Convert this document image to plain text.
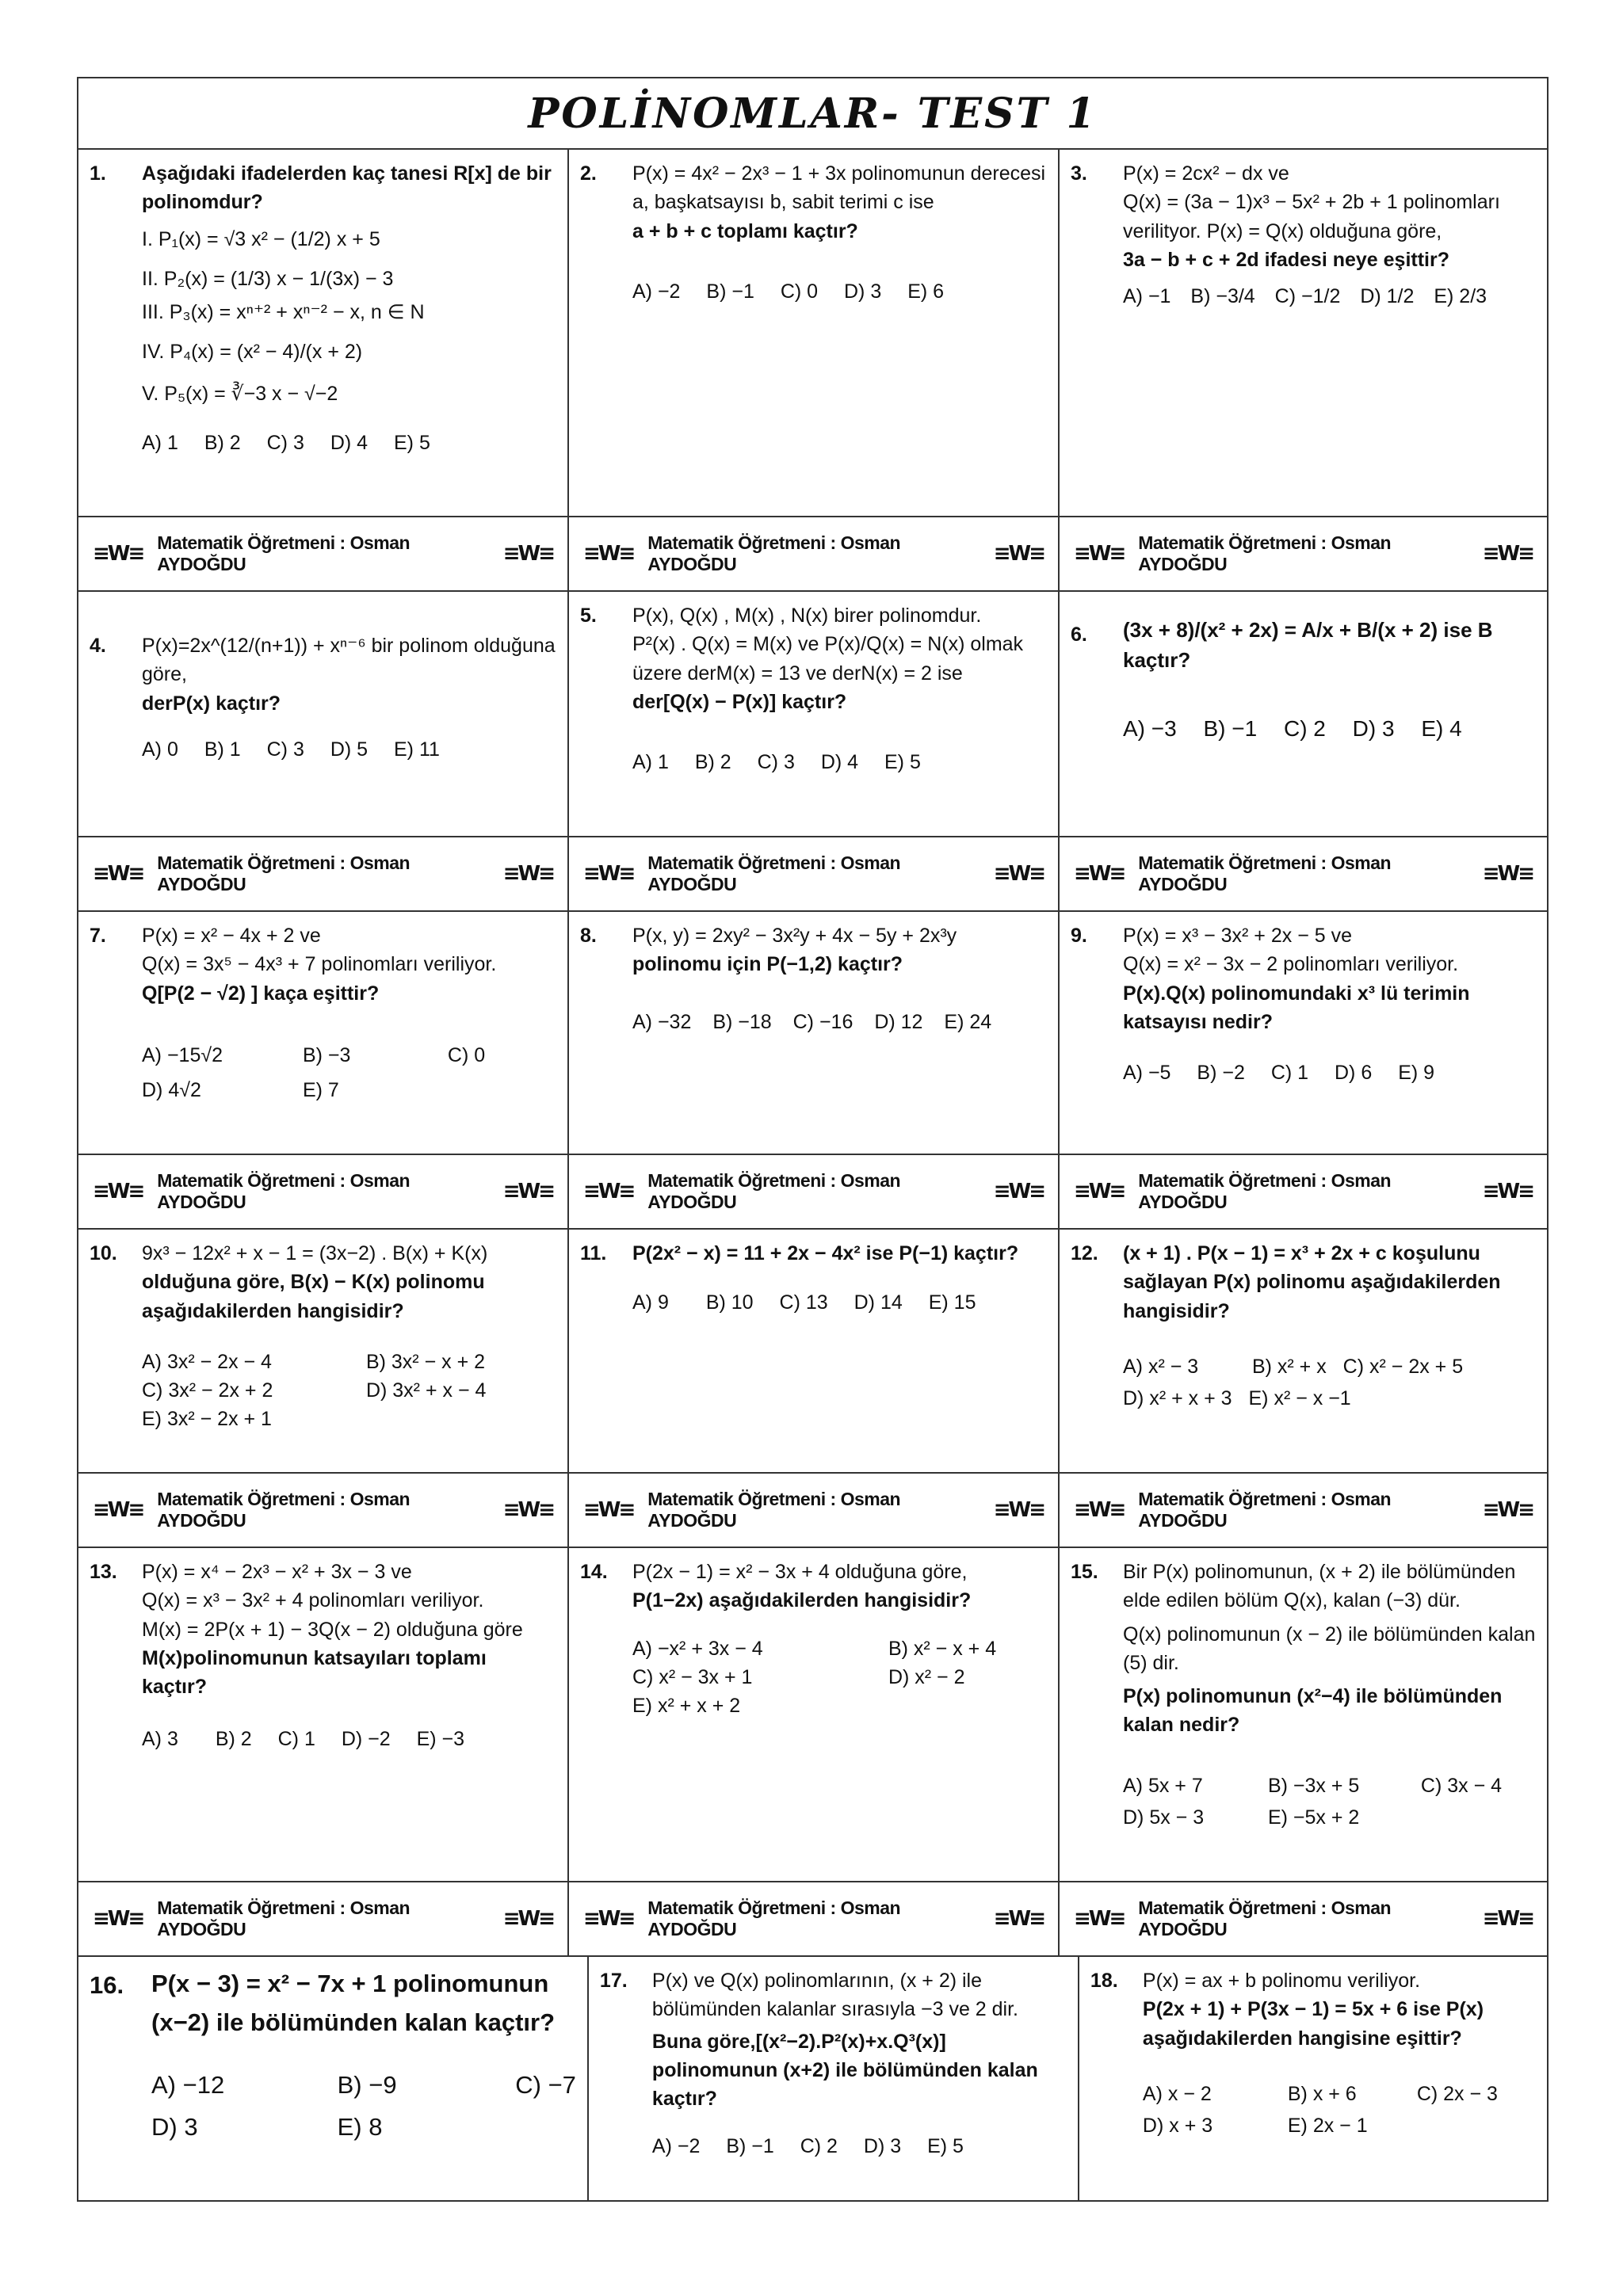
POLİNOMLAR- TEST 1
1. Aşağıdaki ifadelerden kaç tanesi R[x] de bir polinomdur?
I. P₁(x) = √3 x² − (1/2) x + 5
II. P₂(x) = (1/3) x − 1/(3x) − 3
III. P₃(x) = xⁿ⁺² + xⁿ⁻² − x, n ∈ N
IV. P₄(x) = (x² − 4)/(x + 2)
V. P₅(x) = ∛−3 x − √−2
A) 1 B) 2 C) 3 D) 4 E) 5
2. P(x) = 4x² − 2x³ − 1 + 3x polinomunun derecesi a, başkatsayısı b, sabit terimi c ise
a + b + c toplamı kaçtır?
A) −2 B) −1 C) 0 D) 3 E) 6
3. P(x) = 2cx² − dx ve
Q(x) = (3a − 1)x³ − 5x² + 2b + 1 polinomları verilityor. P(x) = Q(x) olduğuna göre,
3a − b + c + 2d ifadesi neye eşittir?
A) −1 B) −3/4 C) −1/2 D) 1/2 E) 2/3
≡W≡ Matematik Öğretmeni : Osman AYDOĞDU	≡W≡ ≡W≡ Matematik Öğretmeni : Osman AYDOĞDU	≡W≡ ≡W≡ Matematik Öğretmeni : Osman AYDOĞDU	≡W≡
4. P(x)=2x^(12/(n+1)) + xⁿ⁻⁶ bir polinom olduğuna göre,
derP(x) kaçtır?
A) 0 B) 1 C) 3 D) 5 E) 11
5. P(x), Q(x) , M(x) , N(x) birer polinomdur.
P²(x) . Q(x) = M(x) ve P(x)/Q(x) = N(x) olmak
üzere derM(x) = 13 ve derN(x) = 2 ise
der[Q(x) − P(x)] kaçtır?
A) 1 B) 2 C) 3 D) 4 E) 5
6. (3x + 8)/(x² + 2x) = A/x + B/(x + 2) ise B kaçtır?
A) −3 B) −1 C) 2 D) 3 E) 4
≡W≡ Matematik Öğretmeni : Osman AYDOĞDU	≡W≡ ≡W≡ Matematik Öğretmeni : Osman AYDOĞDU	≡W≡ ≡W≡ Matematik Öğretmeni : Osman AYDOĞDU	≡W≡
7. P(x) = x² − 4x + 2 ve
Q(x) = 3x⁵ − 4x³ + 7 polinomları veriliyor.
Q[P(2 − √2) ] kaça eşittir?
A) −15√2	B) −3	C) 0
D) 4√2	E) 7
8. P(x, y) = 2xy² − 3x²y + 4x − 5y + 2x³y
polinomu için P(−1,2) kaçtır?
A) −32 B) −18 C) −16 D) 12 E) 24
9. P(x) = x³ − 3x² + 2x − 5 ve
Q(x) = x² − 3x − 2 polinomları veriliyor.
P(x).Q(x) polinomundaki x³ lü terimin katsayısı nedir?
A) −5 B) −2 C) 1 D) 6 E) 9
≡W≡ Matematik Öğretmeni : Osman AYDOĞDU	≡W≡ ≡W≡ Matematik Öğretmeni : Osman AYDOĞDU	≡W≡ ≡W≡ Matematik Öğretmeni : Osman AYDOĞDU	≡W≡
10. 9x³ − 12x² + x − 1 = (3x−2) . B(x) + K(x)
olduğuna göre, B(x) − K(x) polinomu aşağıdakilerden hangisidir?
A) 3x² − 2x − 4	B) 3x² − x + 2
C) 3x² − 2x + 2	D) 3x² + x − 4
E) 3x² − 2x + 1
11. P(2x² − x) = 11 + 2x − 4x² ise P(−1) kaçtır?
A) 9 B) 10 C) 13 D) 14 E) 15
12. (x + 1) . P(x − 1) = x³ + 2x + c koşulunu sağlayan P(x) polinomu aşağıdakilerden hangisidir?
A) x² − 3	B) x² + x C) x² − 2x + 5
D) x² + x + 3 E) x² − x −1
≡W≡ Matematik Öğretmeni : Osman AYDOĞDU	≡W≡ ≡W≡ Matematik Öğretmeni : Osman AYDOĞDU	≡W≡ ≡W≡ Matematik Öğretmeni : Osman AYDOĞDU	≡W≡
13. P(x) = x⁴ − 2x³ − x² + 3x − 3 ve
Q(x) = x³ − 3x² + 4 polinomları veriliyor.
M(x) = 2P(x + 1) − 3Q(x − 2) olduğuna göre
M(x)polinomunun katsayıları toplamı kaçtır?
A) 3 B) 2 C) 1 D) −2 E) −3
14. P(2x − 1) = x² − 3x + 4 olduğuna göre,
P(1−2x) aşağıdakilerden hangisidir?
A) −x² + 3x − 4	B) x² − x + 4
C) x² − 3x + 1	D) x² − 2
E) x² + x + 2
15. Bir P(x) polinomunun, (x + 2) ile bölümünden elde edilen bölüm Q(x), kalan (−3) dür.
Q(x) polinomunun (x − 2) ile bölümünden kalan (5) dir.
P(x) polinomunun (x²−4) ile bölümünden kalan nedir?
A) 5x + 7	B) −3x + 5	C) 3x − 4
D) 5x − 3	E) −5x + 2
≡W≡ Matematik Öğretmeni : Osman AYDOĞDU	≡W≡ ≡W≡ Matematik Öğretmeni : Osman AYDOĞDU	≡W≡ ≡W≡ Matematik Öğretmeni : Osman AYDOĞDU	≡W≡
16. P(x − 3) = x² − 7x + 1 polinomunun
(x−2) ile bölümünden kalan kaçtır?
A) −12	B) −9	C) −7
D) 3	E) 8
17. P(x) ve Q(x) polinomlarının, (x + 2) ile bölümünden kalanlar sırasıyla −3 ve 2 dir.
Buna göre,[(x²−2).P²(x)+x.Q³(x)] polinomunun (x+2) ile bölümünden kalan kaçtır?
A) −2 B) −1 C) 2 D) 3 E) 5
18. P(x) = ax + b polinomu veriliyor.
P(2x + 1) + P(3x − 1) = 5x + 6 ise P(x) aşağıdakilerden hangisine eşittir?
A) x − 2	B) x + 6	C) 2x − 3
D) x + 3	E) 2x − 1
